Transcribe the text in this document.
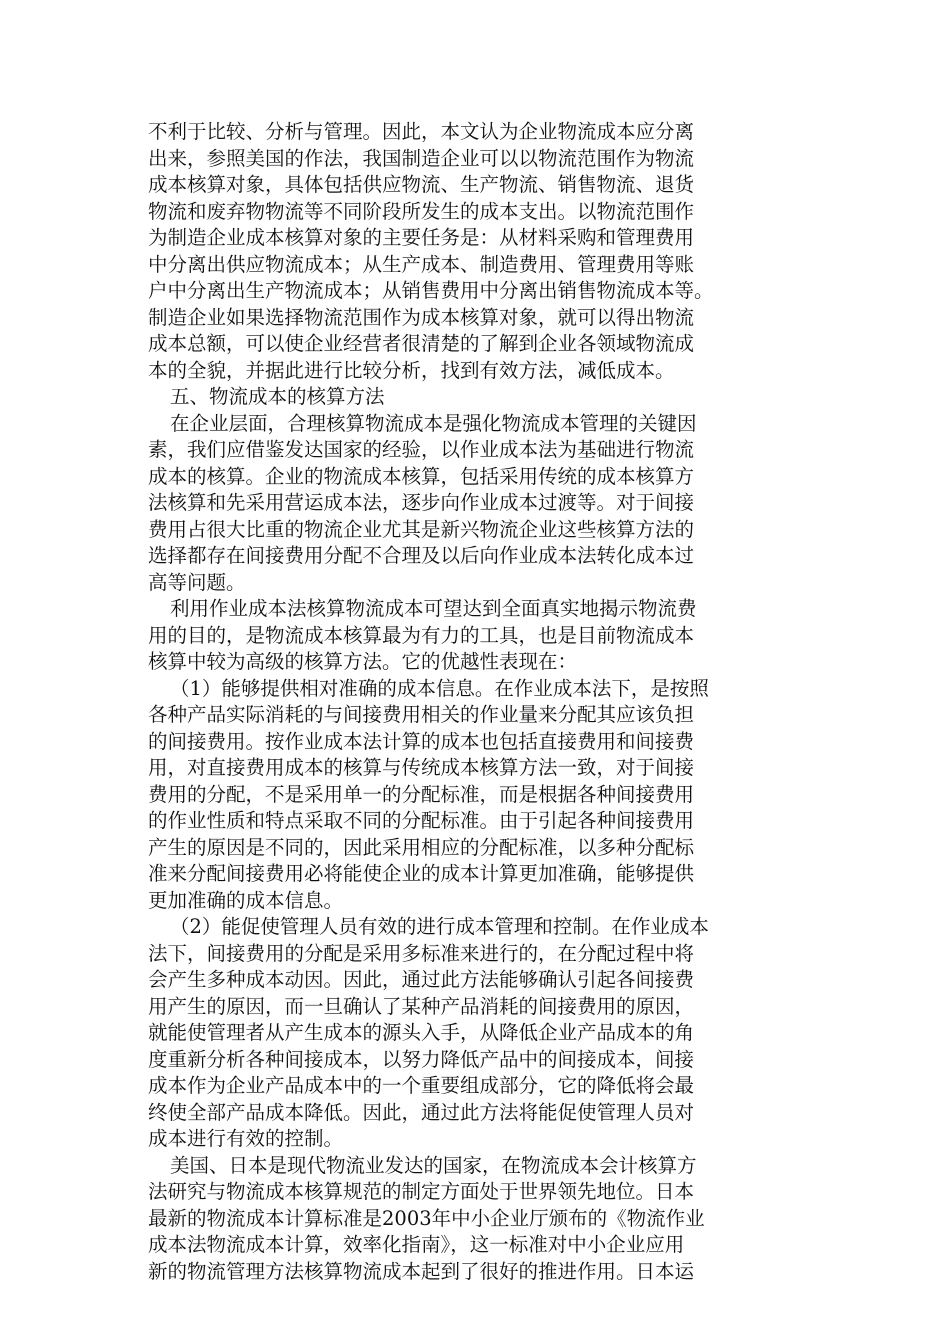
不利于比较、分析与管理。因此，本文认为企业物流成本应分离
出来，参照美国的作法，我国制造企业可以以物流范围作为物流
成本核算对象，具体包括供应物流、生产物流、销售物流、退货
物流和废弃物物流等不同阶段所发生的成本支出。以物流范围作
为制造企业成本核算对象的主要任务是：从材料采购和管理费用
中分离出供应物流成本；从生产成本、制造费用、管理费用等账
户中分离出生产物流成本；从销售费用中分离出销售物流成本等。
制造企业如果选择物流范围作为成本核算对象，就可以得出物流
成本总额，可以使企业经营者很清楚的了解到企业各领域物流成
本的全貌，并据此进行比较分析，找到有效方法，减低成本。
五、物流成本的核算方法
在企业层面，合理核算物流成本是强化物流成本管理的关键因
素，我们应借鉴发达国家的经验，以作业成本法为基础进行物流
成本的核算。企业的物流成本核算，包括采用传统的成本核算方
法核算和先采用营运成本法，逐步向作业成本过渡等。对于间接
费用占很大比重的物流企业尤其是新兴物流企业这些核算方法的
选择都存在间接费用分配不合理及以后向作业成本法转化成本过
高等问题。
利用作业成本法核算物流成本可望达到全面真实地揭示物流费
用的目的，是物流成本核算最为有力的工具，也是目前物流成本
核算中较为高级的核算方法。它的优越性表现在：
（1）能够提供相对准确的成本信息。在作业成本法下，是按照
各种产品实际消耗的与间接费用相关的作业量来分配其应该负担
的间接费用。按作业成本法计算的成本也包括直接费用和间接费
用，对直接费用成本的核算与传统成本核算方法一致，对于间接
费用的分配，不是采用单一的分配标准，而是根据各种间接费用
的作业性质和特点采取不同的分配标准。由于引起各种间接费用
产生的原因是不同的，因此采用相应的分配标准，以多种分配标
准来分配间接费用必将能使企业的成本计算更加准确，能够提供
更加准确的成本信息。
（2）能促使管理人员有效的进行成本管理和控制。在作业成本
法下，间接费用的分配是采用多标准来进行的，在分配过程中将
会产生多种成本动因。因此，通过此方法能够确认引起各间接费
用产生的原因，而一旦确认了某种产品消耗的间接费用的原因，
就能使管理者从产生成本的源头入手，从降低企业产品成本的角
度重新分析各种间接成本，以努力降低产品中的间接成本，间接
成本作为企业产品成本中的一个重要组成部分，它的降低将会最
终使全部产品成本降低。因此，通过此方法将能促使管理人员对
成本进行有效的控制。
美国、日本是现代物流业发达的国家，在物流成本会计核算方
法研究与物流成本核算规范的制定方面处于世界领先地位。日本
最新的物流成本计算标准是2003年中小企业厅颁布的《物流作业
成本法物流成本计算，效率化指南》，这一标准对中小企业应用
新的物流管理方法核算物流成本起到了很好的推进作用。日本运
